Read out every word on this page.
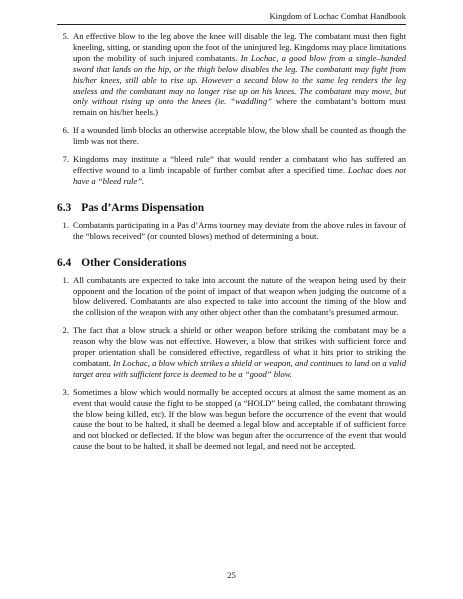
Kingdom of Lochac Combat Handbook
5. An effective blow to the leg above the knee will disable the leg. The combatant must then fight kneeling, sitting, or standing upon the foot of the uninjured leg. Kingdoms may place limitations upon the mobility of such injured combatants. In Lochac, a good blow from a single–handed sword that lands on the hip, or the thigh below disables the leg. The combatant may fight from his/her knees, still able to rise up. However a second blow to the same leg renders the leg useless and the combatant may no longer rise up on his knees. The combatant may move, but only without rising up onto the knees (ie. “waddling” where the combatant’s bottom must remain on his/her heels.)
6. If a wounded limb blocks an otherwise acceptable blow, the blow shall be counted as though the limb was not there.
7. Kingdoms may institute a “bleed rule” that would render a combatant who has suffered an effective wound to a limb incapable of further combat after a specified time. Lochac does not have a “bleed rule”.
6.3 Pas d’Arms Dispensation
1. Combatants participating in a Pas d’Arms tourney may deviate from the above rules in favour of the “blows received” (or counted blows) method of determining a bout.
6.4 Other Considerations
1. All combatants are expected to take into account the nature of the weapon being used by their opponent and the location of the point of impact of that weapon when judging the outcome of a blow delivered. Combatants are also expected to take into account the timing of the blow and the collision of the weapon with any other object other than the combatant’s presumed armour.
2. The fact that a blow struck a shield or other weapon before striking the combatant may be a reason why the blow was not effective. However, a blow that strikes with sufficient force and proper orientation shall be considered effective, regardless of what it hits prior to striking the combatant. In Lochac, a blow which strikes a shield or weapon, and continues to land on a valid target area with sufficient force is deemed to be a “good” blow.
3. Sometimes a blow which would normally be accepted occurs at almost the same moment as an event that would cause the fight to be stopped (a “HOLD” being called, the combatant throwing the blow being killed, etc). If the blow was begun before the occurrence of the event that would cause the bout to be halted, it shall be deemed a legal blow and acceptable if of sufficient force and not blocked or deflected. If the blow was begun after the occurrence of the event that would cause the bout to be halted, it shall be deemed not legal, and need not be accepted.
25
